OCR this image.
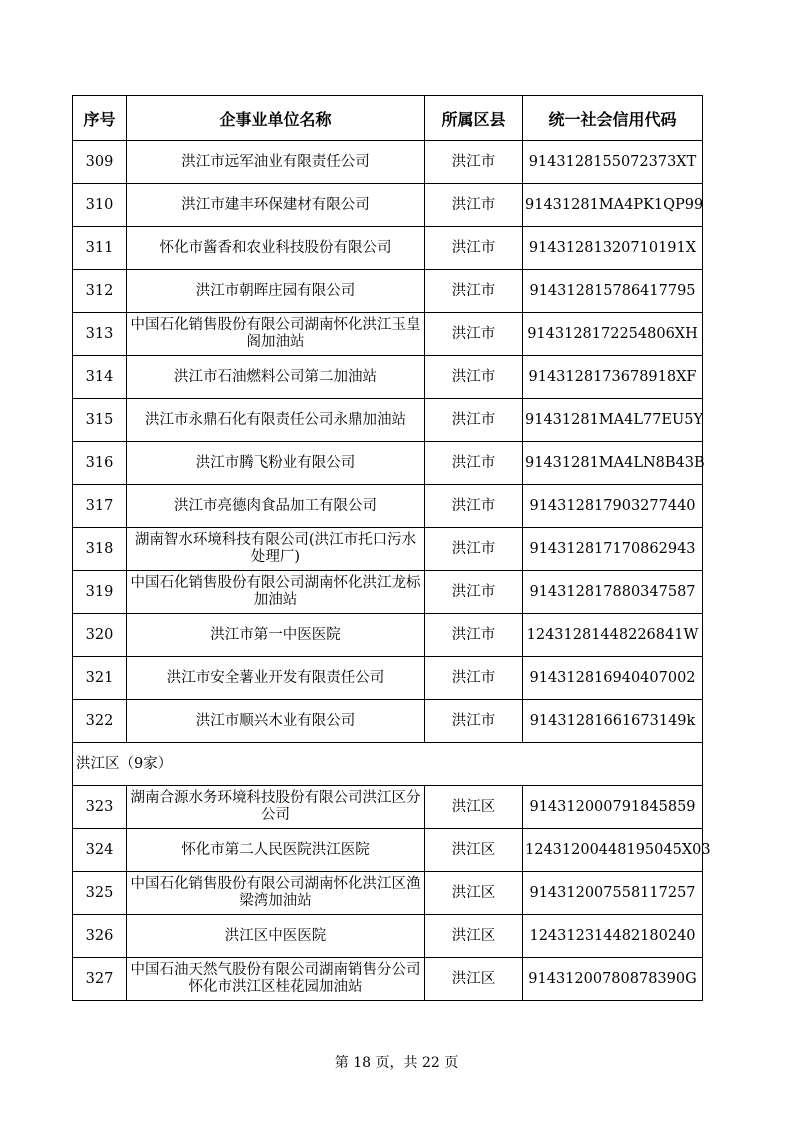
序号	企事业单位名称	所属区县	统一社会信用代码
309	洪江市远军油业有限责任公司	洪江市	9143128155072373XT
310	洪江市建丰环保建材有限公司	洪江市	91431281MA4PK1QP99
311	怀化市酱香和农业科技股份有限公司	洪江市	91431281320710191X
312	洪江市朝晖庄园有限公司	洪江市	914312815786417795
313	中国石化销售股份有限公司湖南怀化洪江玉皇阁加油站	洪江市	9143128172254806XH
314	洪江市石油燃料公司第二加油站	洪江市	9143128173678918XF
315	洪江市永鼎石化有限责任公司永鼎加油站	洪江市	91431281MA4L77EU5Y
316	洪江市腾飞粉业有限公司	洪江市	91431281MA4LN8B43B
317	洪江市亮德肉食品加工有限公司	洪江市	914312817903277440
318	湖南智水环境科技有限公司(洪江市托口污水处理厂)	洪江市	914312817170862943
319	中国石化销售股份有限公司湖南怀化洪江龙标加油站	洪江市	914312817880347587
320	洪江市第一中医医院	洪江市	12431281448226841W
321	洪江市安全薯业开发有限责任公司	洪江市	914312816940407002
322	洪江市顺兴木业有限公司	洪江市	91431281661673149k
洪江区（9家）			
323	湖南合源水务环境科技股份有限公司洪江区分公司	洪江区	914312000791845859
324	怀化市第二人民医院洪江医院	洪江区	12431200448195045X03
325	中国石化销售股份有限公司湖南怀化洪江区渔梁湾加油站	洪江区	914312007558117257
326	洪江区中医医院	洪江区	124312314482180240
327	中国石油天然气股份有限公司湖南销售分公司怀化市洪江区桂花园加油站	洪江区	91431200780878390G
第 18 页，共 22 页
